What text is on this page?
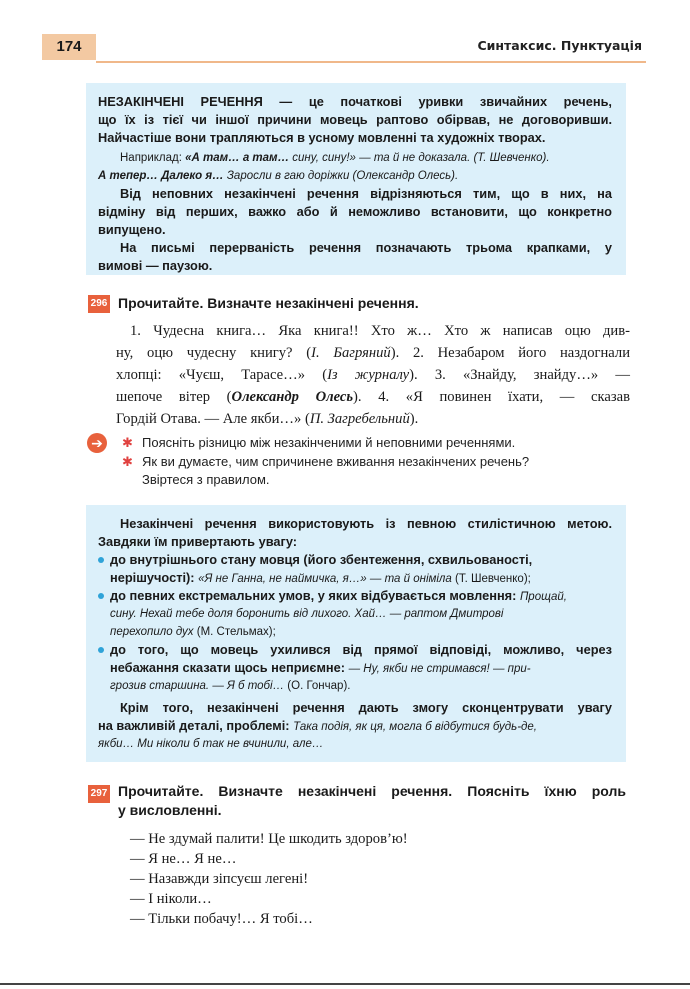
174	Синтаксис. Пунктуація
НЕЗАКІНЧЕНІ РЕЧЕННЯ — це початкові уривки звичайних речень,
що їх із тієї чи іншої причини мовець раптово обірвав, не договоривши.
Найчастіше вони трапляються в усному мовленні та художніх творах.
Наприклад: «А там… а там… сину, сину!» — та й не доказала. (Т. Шевченко).
А тепер… Далеко я… Заросли в гаю доріжки (Олександр Олесь).
Від неповних незакінчені речення відрізняються тим, що в них, на
відміну від перших, важко або й неможливо встановити, що конкретно
випущено.
На письмі перерваність речення позначають трьома крапками, у
вимові — паузою.
296 Прочитайте. Визначте незакінчені речення.
1. Чудесна книга… Яка книга!! Хто ж… Хто ж написав оцю див-
ну, оцю чудесну книгу? (І. Багряний). 2. Незабаром його наздогнали
хлопці: «Чуєш, Тарасе…» (Із журналу). 3. «Знайду, знайду…» —
шепоче вітер (Олександр Олесь). 4. «Я повинен їхати, — сказав
Гордій Отава. — Але якби…» (П. Загребельний).
➔	✱ Поясніть різницю між незакінченими й неповними реченнями.
✱ Як ви думаєте, чим спричинене вживання незакінчених речень?
Звіртеся з правилом.
Незакінчені речення використовують із певною стилістичною метою.
Завдяки їм привертають увагу:
до внутрішнього стану мовця (його збентеження, схвильованості,
нерішучості): «Я не Ганна, не наймичка, я…» — та й оніміла (Т. Шевченко);
до певних екстремальних умов, у яких відбувається мовлення: Прощай,
сину. Нехай тебе доля боронить від лихого. Хай… — раптом Дмитрові
перехопило дух (М. Стельмах);
до того, що мовець ухилився від прямої відповіді, можливо, через
небажання сказати щось неприємне: — Ну, якби не стримався! — при-
грозив старшина. — Я б тобі… (О. Гончар).
Крім того, незакінчені речення дають змогу сконцентрувати увагу
на важливій деталі, проблемі: Така подія, як ця, могла б відбутися будь-де,
якби… Ми ніколи б так не вчинили, але…
297 Прочитайте. Визначте незакінчені речення. Поясніть їхню роль
у висловленні.
— Не здумай палити! Це шкодить здоров’ю!
— Я не… Я не…
— Назавжди зіпсуєш легені!
— І ніколи…
— Тільки побачу!… Я тобі…
